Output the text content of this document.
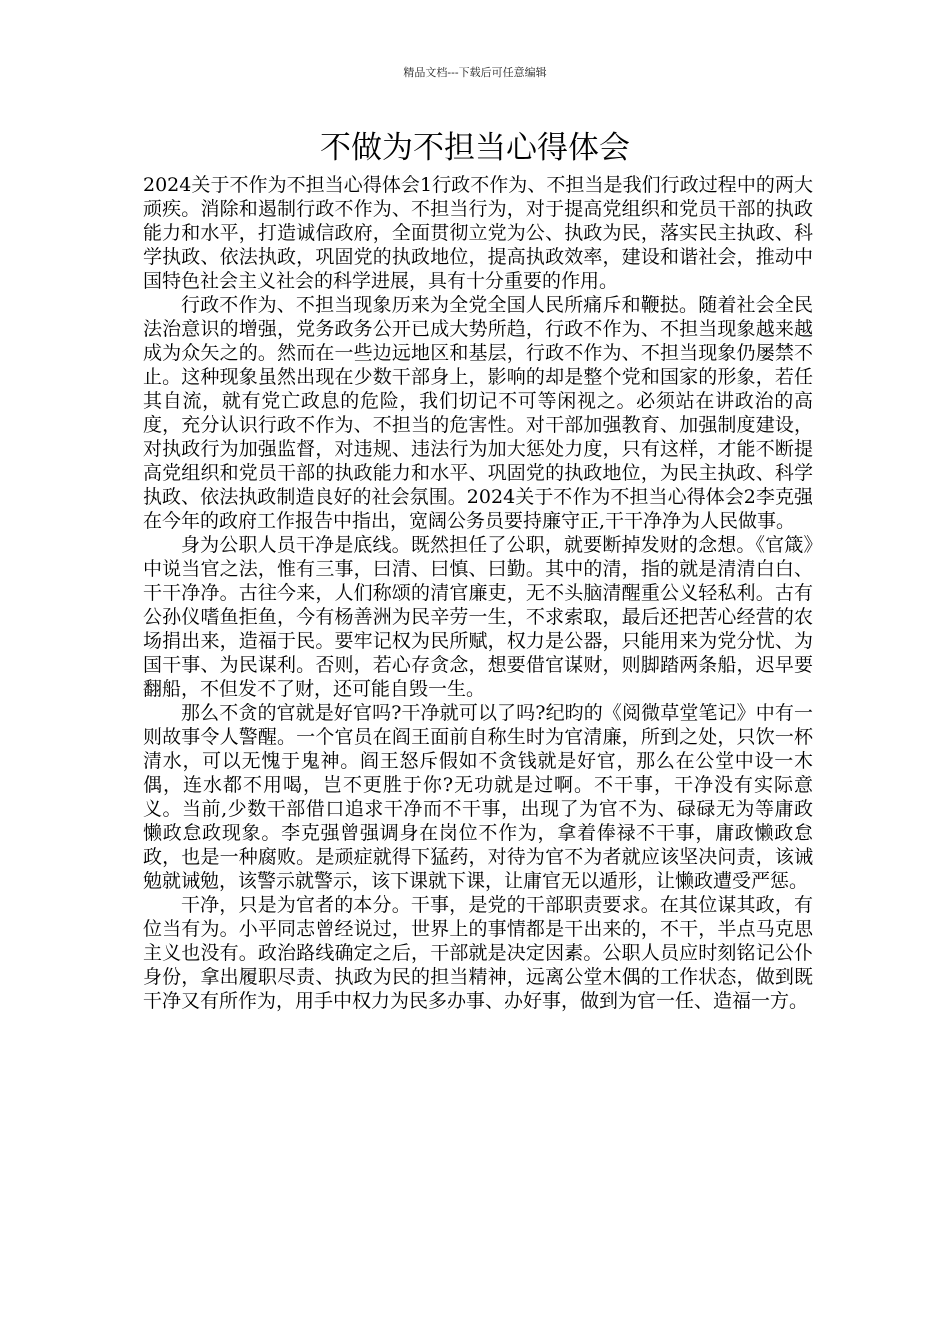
精品文档---下载后可任意编辑
不做为不担当心得体会

2024关于不作为不担当心得体会1行政不作为、不担当是我们行政过程中的两大顽疾。消除和遏制行政不作为、不担当行为，对于提高党组织和党员干部的执政能力和水平，打造诚信政府，全面贯彻立党为公、执政为民，落实民主执政、科学执政、依法执政，巩固党的执政地位，提高执政效率，建设和谐社会，推动中国特色社会主义社会的科学进展，具有十分重要的作用。

行政不作为、不担当现象历来为全党全国人民所痛斥和鞭挞。随着社会全民法治意识的增强，党务政务公开已成大势所趋，行政不作为、不担当现象越来越成为众矢之的。然而在一些边远地区和基层，行政不作为、不担当现象仍屡禁不止。这种现象虽然出现在少数干部身上，影响的却是整个党和国家的形象，若任其自流，就有党亡政息的危险，我们切记不可等闲视之。必须站在讲政治的高度，充分认识行政不作为、不担当的危害性。对干部加强教育、加强制度建设，对执政行为加强监督，对违规、违法行为加大惩处力度，只有这样，才能不断提高党组织和党员干部的执政能力和水平、巩固党的执政地位，为民主执政、科学执政、依法执政制造良好的社会氛围。2024关于不作为不担当心得体会2李克强在今年的政府工作报告中指出，宽阔公务员要持廉守正,干干净净为人民做事。

身为公职人员干净是底线。既然担任了公职，就要断掉发财的念想。《官箴》中说当官之法，惟有三事，曰清、曰慎、曰勤。其中的清，指的就是清清白白、干干净净。古往今来，人们称颂的清官廉吏，无不头脑清醒重公义轻私利。古有公孙仪嗜鱼拒鱼，今有杨善洲为民辛劳一生，不求索取，最后还把苦心经营的农场捐出来，造福于民。要牢记权为民所赋，权力是公器，只能用来为党分忧、为国干事、为民谋利。否则，若心存贪念，想要借官谋财，则脚踏两条船，迟早要翻船，不但发不了财，还可能自毁一生。

那么不贪的官就是好官吗?干净就可以了吗?纪昀的《阅微草堂笔记》中有一则故事令人警醒。一个官员在阎王面前自称生时为官清廉，所到之处，只饮一杯清水，可以无愧于鬼神。阎王怒斥假如不贪钱就是好官，那么在公堂中设一木偶，连水都不用喝，岂不更胜于你?无功就是过啊。不干事，干净没有实际意义。当前,少数干部借口追求干净而不干事，出现了为官不为、碌碌无为等庸政懒政怠政现象。李克强曾强调身在岗位不作为，拿着俸禄不干事，庸政懒政怠政，也是一种腐败。是顽症就得下猛药，对待为官不为者就应该坚决问责，该诫勉就诫勉，该警示就警示，该下课就下课，让庸官无以遁形，让懒政遭受严惩。

干净，只是为官者的本分。干事，是党的干部职责要求。在其位谋其政，有位当有为。小平同志曾经说过，世界上的事情都是干出来的，不干，半点马克思主义也没有。政治路线确定之后，干部就是决定因素。公职人员应时刻铭记公仆身份，拿出履职尽责、执政为民的担当精神，远离公堂木偶的工作状态，做到既干净又有所作为，用手中权力为民多办事、办好事，做到为官一任、造福一方。
